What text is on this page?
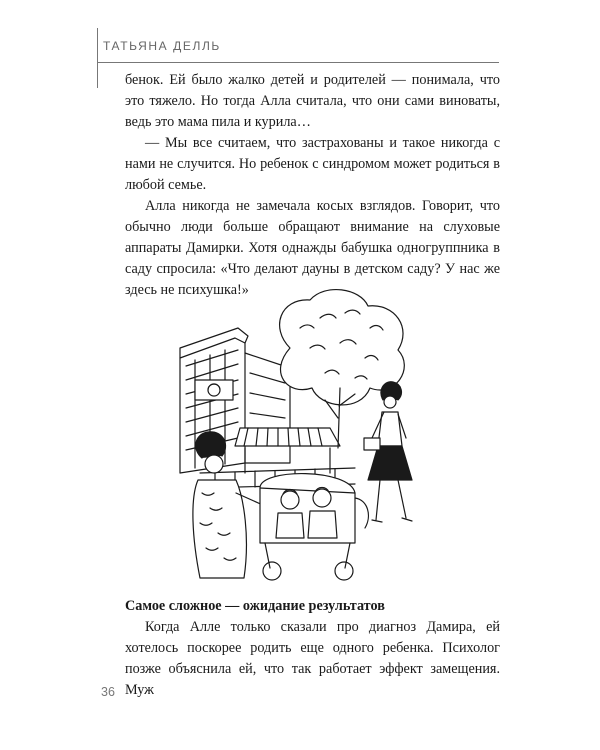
ТАТЬЯНА ДЕЛЛЬ

бенок. Ей было жалко детей и родителей — понимала, что это тяжело. Но тогда Алла считала, что они сами виноваты, ведь это мама пила и курила…

— Мы все считаем, что застрахованы и такое никогда с нами не случится. Но ребенок с синдромом может родиться в любой семье.

Алла никогда не замечала косых взглядов. Говорит, что обычно люди больше обращают внимание на слуховые аппараты Дамирки. Хотя однажды бабушка одногруппника в саду спросила: «Что делают дауны в детском саду? У нас же здесь не психушка!»

Самое сложное — ожидание результатов

Когда Алле только сказали про диагноз Дамира, ей хотелось поскорее родить еще одного ребенка. Психолог позже объяснила ей, что так работает эффект замещения. Муж

36
